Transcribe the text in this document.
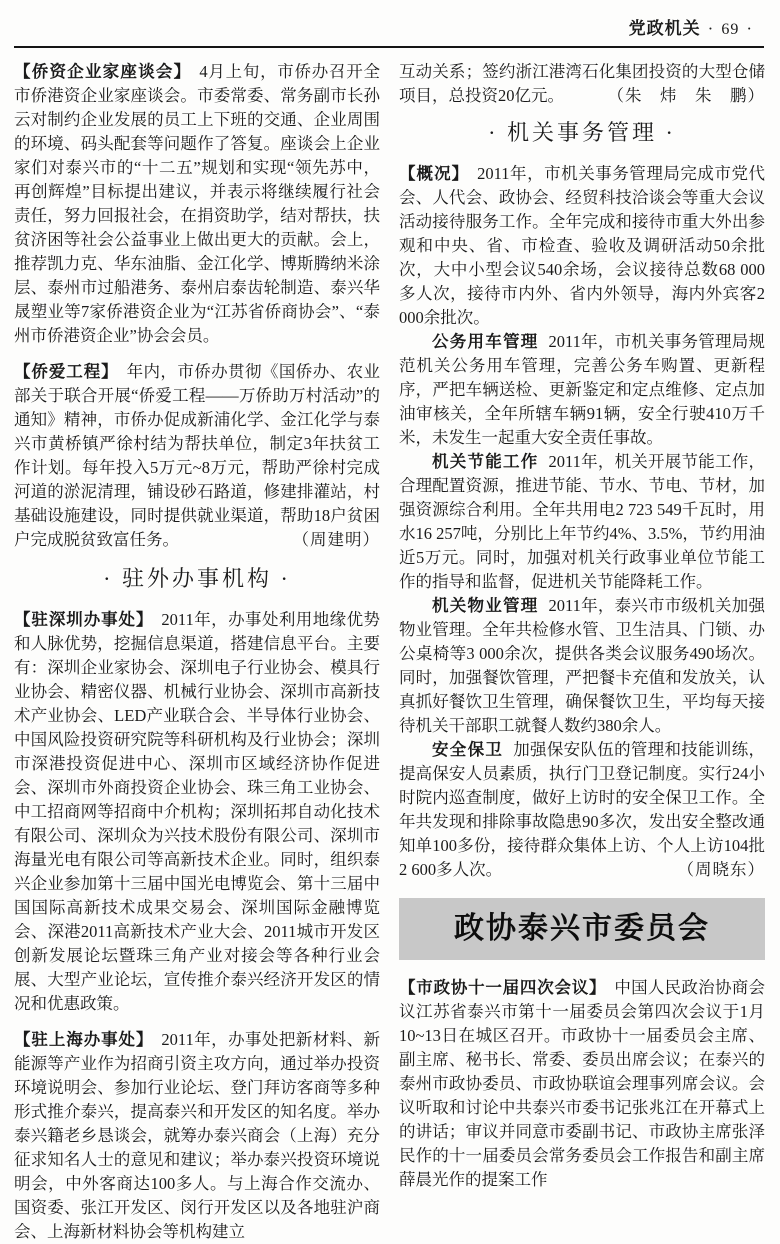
党政机关 · 69 ·

【侨资企业家座谈会】 4月上旬，市侨办召开全市侨港资企业家座谈会。市委常委、常务副市长孙云对制约企业发展的员工上下班的交通、企业周围的环境、码头配套等问题作了答复。座谈会上企业家们对泰兴市的“十二五”规划和实现“领先苏中，再创辉煌”目标提出建议，并表示将继续履行社会责任，努力回报社会，在捐资助学，结对帮扶，扶贫济困等社会公益事业上做出更大的贡献。会上，推荐凯力克、华东油脂、金江化学、博斯腾纳米涂层、泰州市过船港务、泰州启泰齿轮制造、泰兴华晟塑业等7家侨港资企业为“江苏省侨商协会”、“泰州市侨港资企业”协会会员。

【侨爱工程】 年内，市侨办贯彻《国侨办、农业部关于联合开展“侨爱工程——万侨助万村活动”的通知》精神，市侨办促成新浦化学、金江化学与泰兴市黄桥镇严徐村结为帮扶单位，制定3年扶贫工作计划。每年投入5万元~8万元，帮助严徐村完成河道的淤泥清理，铺设砂石路道，修建排灌站，村基础设施建设，同时提供就业渠道，帮助18户贫困户完成脱贫致富任务。	（周建明）

· 驻外办事机构 ·

【驻深圳办事处】 2011年，办事处利用地缘优势和人脉优势，挖掘信息渠道，搭建信息平台。主要有：深圳企业家协会、深圳电子行业协会、模具行业协会、精密仪器、机械行业协会、深圳市高新技术产业协会、LED产业联合会、半导体行业协会、中国风险投资研究院等科研机构及行业协会；深圳市深港投资促进中心、深圳市区域经济协作促进会、深圳市外商投资企业协会、珠三角工业协会、中工招商网等招商中介机构；深圳拓邦自动化技术有限公司、深圳众为兴技术股份有限公司、深圳市海量光电有限公司等高新技术企业。同时，组织泰兴企业参加第十三届中国光电博览会、第十三届中国国际高新技术成果交易会、深圳国际金融博览会、深港2011高新技术产业大会、2011城市开发区创新发展论坛暨珠三角产业对接会等各种行业会展、大型产业论坛，宣传推介泰兴经济开发区的情况和优惠政策。

【驻上海办事处】 2011年，办事处把新材料、新能源等产业作为招商引资主攻方向，通过举办投资环境说明会、参加行业论坛、登门拜访客商等多种形式推介泰兴，提高泰兴和开发区的知名度。举办泰兴籍老乡恳谈会，就筹办泰兴商会（上海）充分征求知名人士的意见和建议；举办泰兴投资环境说明会，中外客商达100多人。与上海合作交流办、国资委、张江开发区、闵行开发区以及各地驻沪商会、上海新材料协会等机构建立

互动关系；签约浙江港湾石化集团投资的大型仓储项目，总投资20亿元。	（朱　炜　朱　鹏）

· 机关事务管理 ·

【概况】 2011年，市机关事务管理局完成市党代会、人代会、政协会、经贸科技洽谈会等重大会议活动接待服务工作。全年完成和接待市重大外出参观和中央、省、市检查、验收及调研活动50余批次，大中小型会议540余场，会议接待总数68 000多人次，接待市内外、省内外领导，海内外宾客2 000余批次。

公务用车管理 2011年，市机关事务管理局规范机关公务用车管理，完善公务车购置、更新程序，严把车辆送检、更新鉴定和定点维修、定点加油审核关，全年所辖车辆91辆，安全行驶410万千米，未发生一起重大安全责任事故。

机关节能工作 2011年，机关开展节能工作，合理配置资源，推进节能、节水、节电、节材，加强资源综合利用。全年共用电2 723 549千瓦时，用水16 257吨，分别比上年节约4%、3.5%，节约用油近5万元。同时，加强对机关行政事业单位节能工作的指导和监督，促进机关节能降耗工作。

机关物业管理 2011年，泰兴市市级机关加强物业管理。全年共检修水管、卫生洁具、门锁、办公桌椅等3 000余次，提供各类会议服务490场次。同时，加强餐饮管理，严把餐卡充值和发放关，认真抓好餐饮卫生管理，确保餐饮卫生，平均每天接待机关干部职工就餐人数约380余人。

安全保卫 加强保安队伍的管理和技能训练，提高保安人员素质，执行门卫登记制度。实行24小时院内巡查制度，做好上访时的安全保卫工作。全年共发现和排除事故隐患90多次，发出安全整改通知单100多份，接待群众集体上访、个人上访104批2 600多人次。	（周晓东）

政协泰兴市委员会

【市政协十一届四次会议】 中国人民政治协商会议江苏省泰兴市第十一届委员会第四次会议于1月10~13日在城区召开。市政协十一届委员会主席、副主席、秘书长、常委、委员出席会议；在泰兴的泰州市政协委员、市政协联谊会理事列席会议。会议听取和讨论中共泰兴市委书记张兆江在开幕式上的讲话；审议并同意市委副书记、市政协主席张泽民作的十一届委员会常务委员会工作报告和副主席薛晨光作的提案工作
